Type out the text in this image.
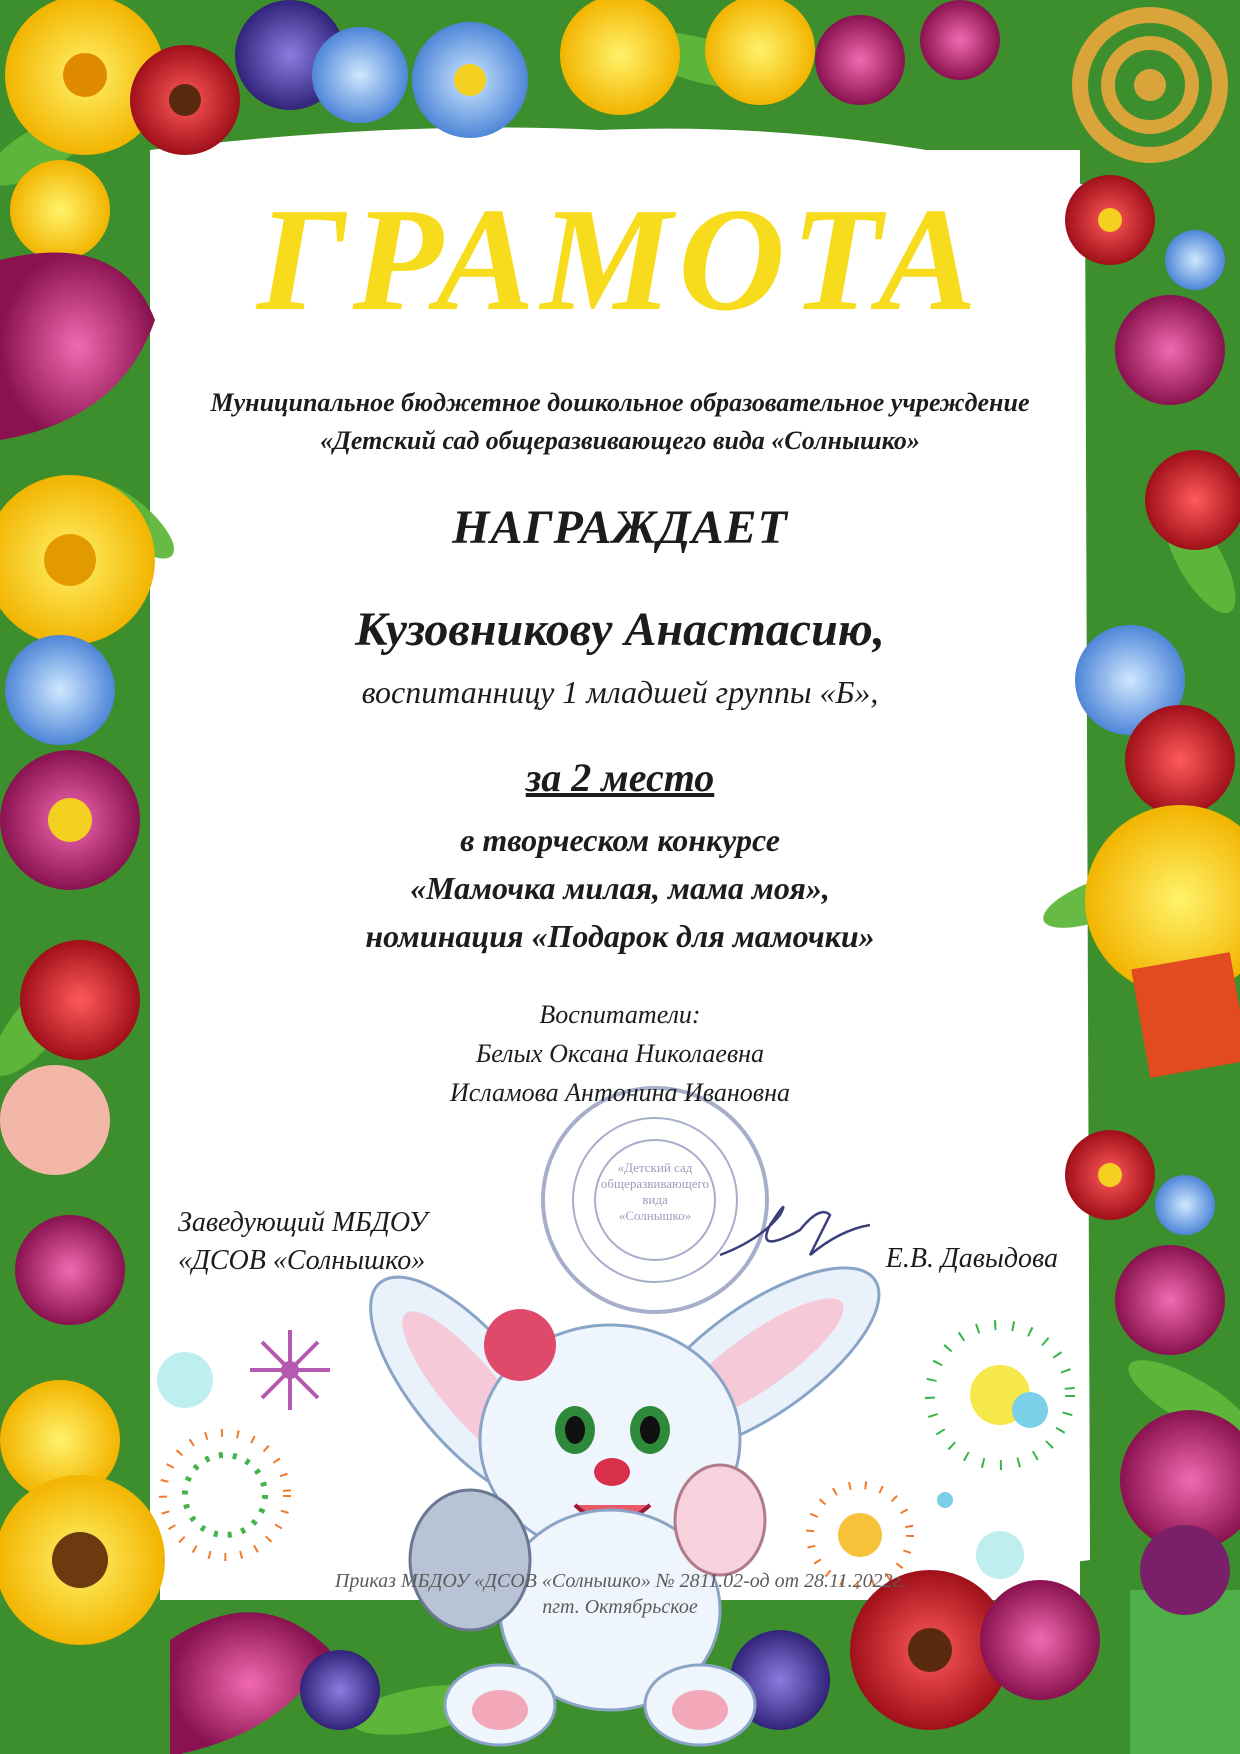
«Детский сад
общеразвивающего
вида
«Солнышко»
ГРАМОТА
Муниципальное бюджетное дошкольное образовательное учреждение
«Детский сад общеразвивающего вида «Солнышко»
НАГРАЖДАЕТ
Кузовникову Анастасию,
воспитанницу 1 младшей группы «Б»,
за 2 место
в творческом конкурсе
«Мамочка милая, мама моя»,
номинация «Подарок для мамочки»
Воспитатели:
Белых Оксана Николаевна
Исламова Антонина Ивановна
Заведующий МБДОУ
«ДСОВ «Солнышко»	Е.В. Давыдова
Приказ МБДОУ «ДСОВ «Солнышко» № 2811.02-од от 28.11.2022г.
пгт. Октябрьское
